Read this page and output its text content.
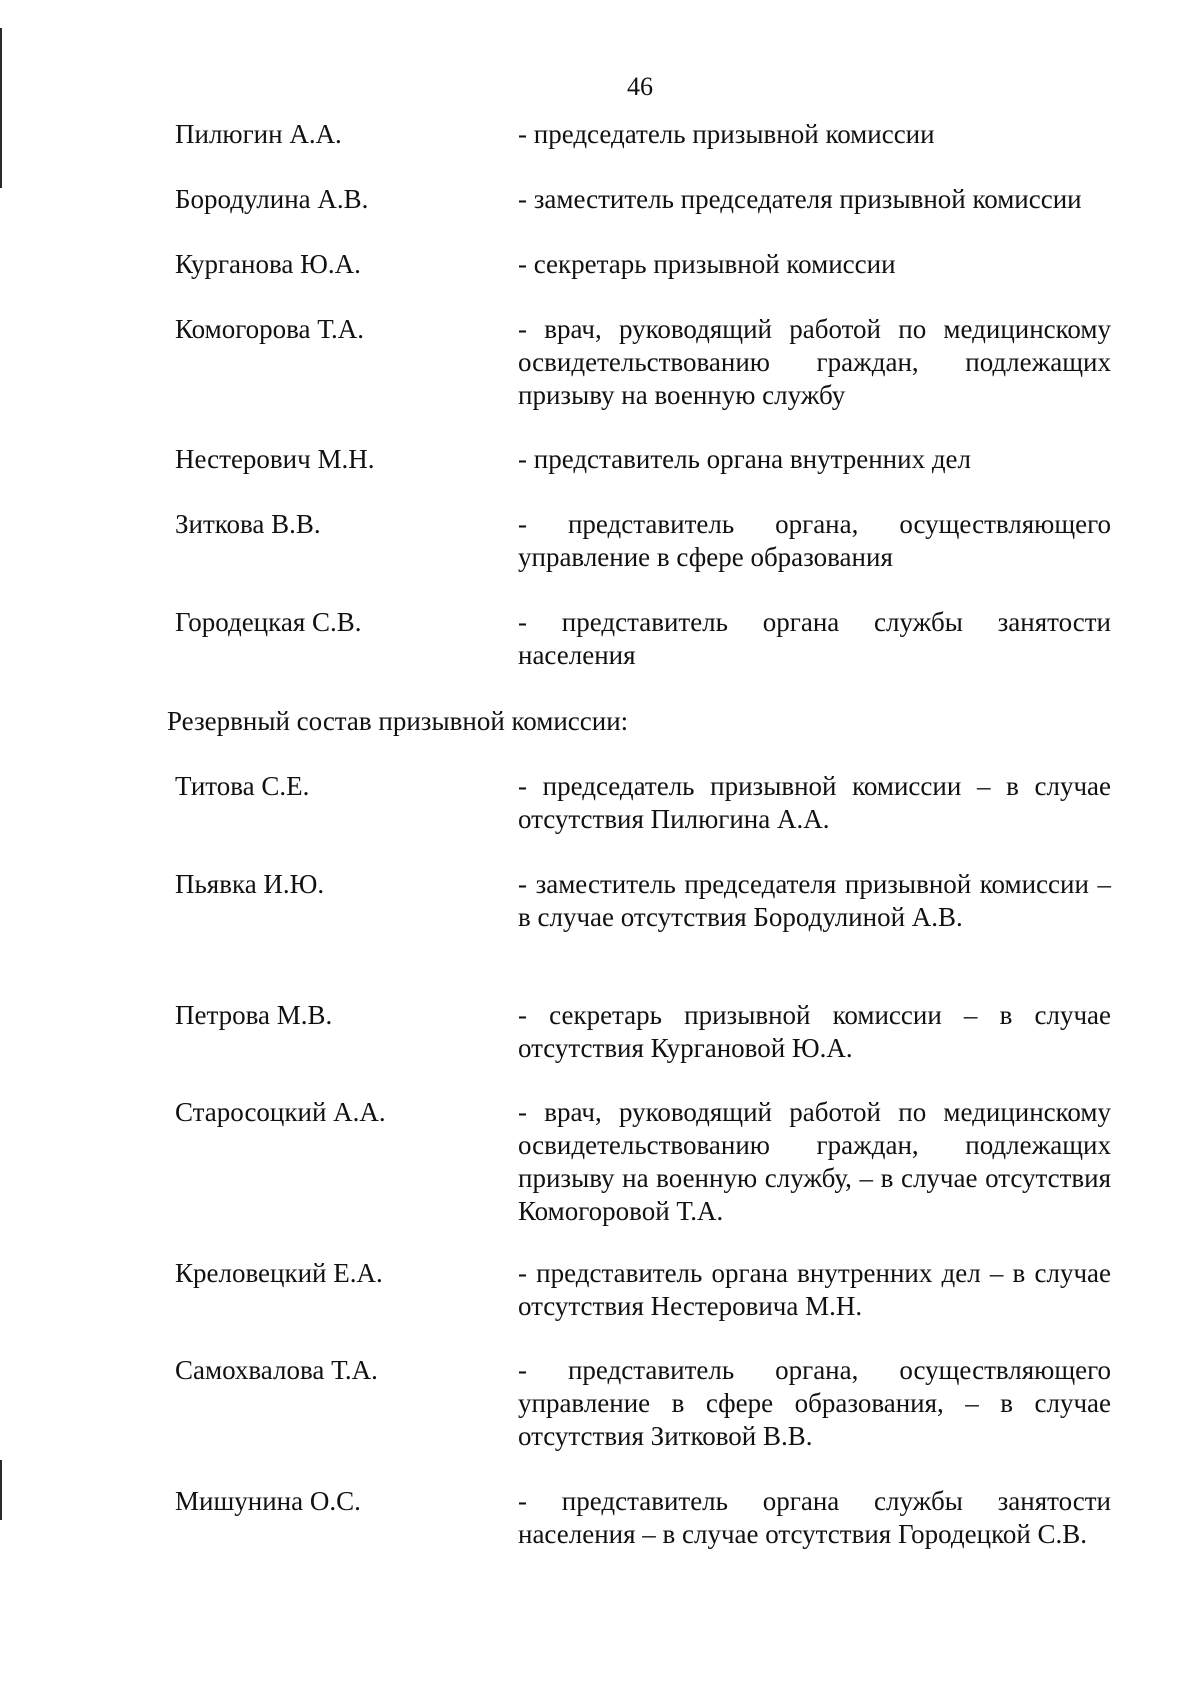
46
Пилюгин А.А.	- председатель призывной комиссии
Бородулина А.В.	- заместитель председателя призывной комиссии
Курганова Ю.А.	- секретарь призывной комиссии
Комогорова Т.А.	- врач, руководящий работой по медицинскому освидетельствованию граждан, подлежащих призыву на военную службу
Нестерович М.Н.	- представитель органа внутренних дел
Зиткова В.В.	- представитель органа, осуществляющего управление в сфере образования
Городецкая С.В.	- представитель органа службы занятости населения
Резервный состав призывной комиссии:
Титова С.Е.	- председатель призывной комиссии – в случае отсутствия Пилюгина А.А.
Пьявка И.Ю.	- заместитель председателя призывной комиссии – в случае отсутствия Бородулиной А.В.
Петрова М.В.	- секретарь призывной комиссии – в случае отсутствия Кургановой Ю.А.
Старосоцкий А.А.	- врач, руководящий работой по медицинскому освидетельствованию граждан, подлежащих призыву на военную службу, – в случае отсутствия Комогоровой Т.А.
Креловецкий Е.А.	- представитель органа внутренних дел – в случае отсутствия Нестеровича М.Н.
Самохвалова Т.А.	- представитель органа, осуществляющего управление в сфере образования, – в случае отсутствия Зитковой В.В.
Мишунина О.С.	- представитель органа службы занятости населения – в случае отсутствия Городецкой С.В.
